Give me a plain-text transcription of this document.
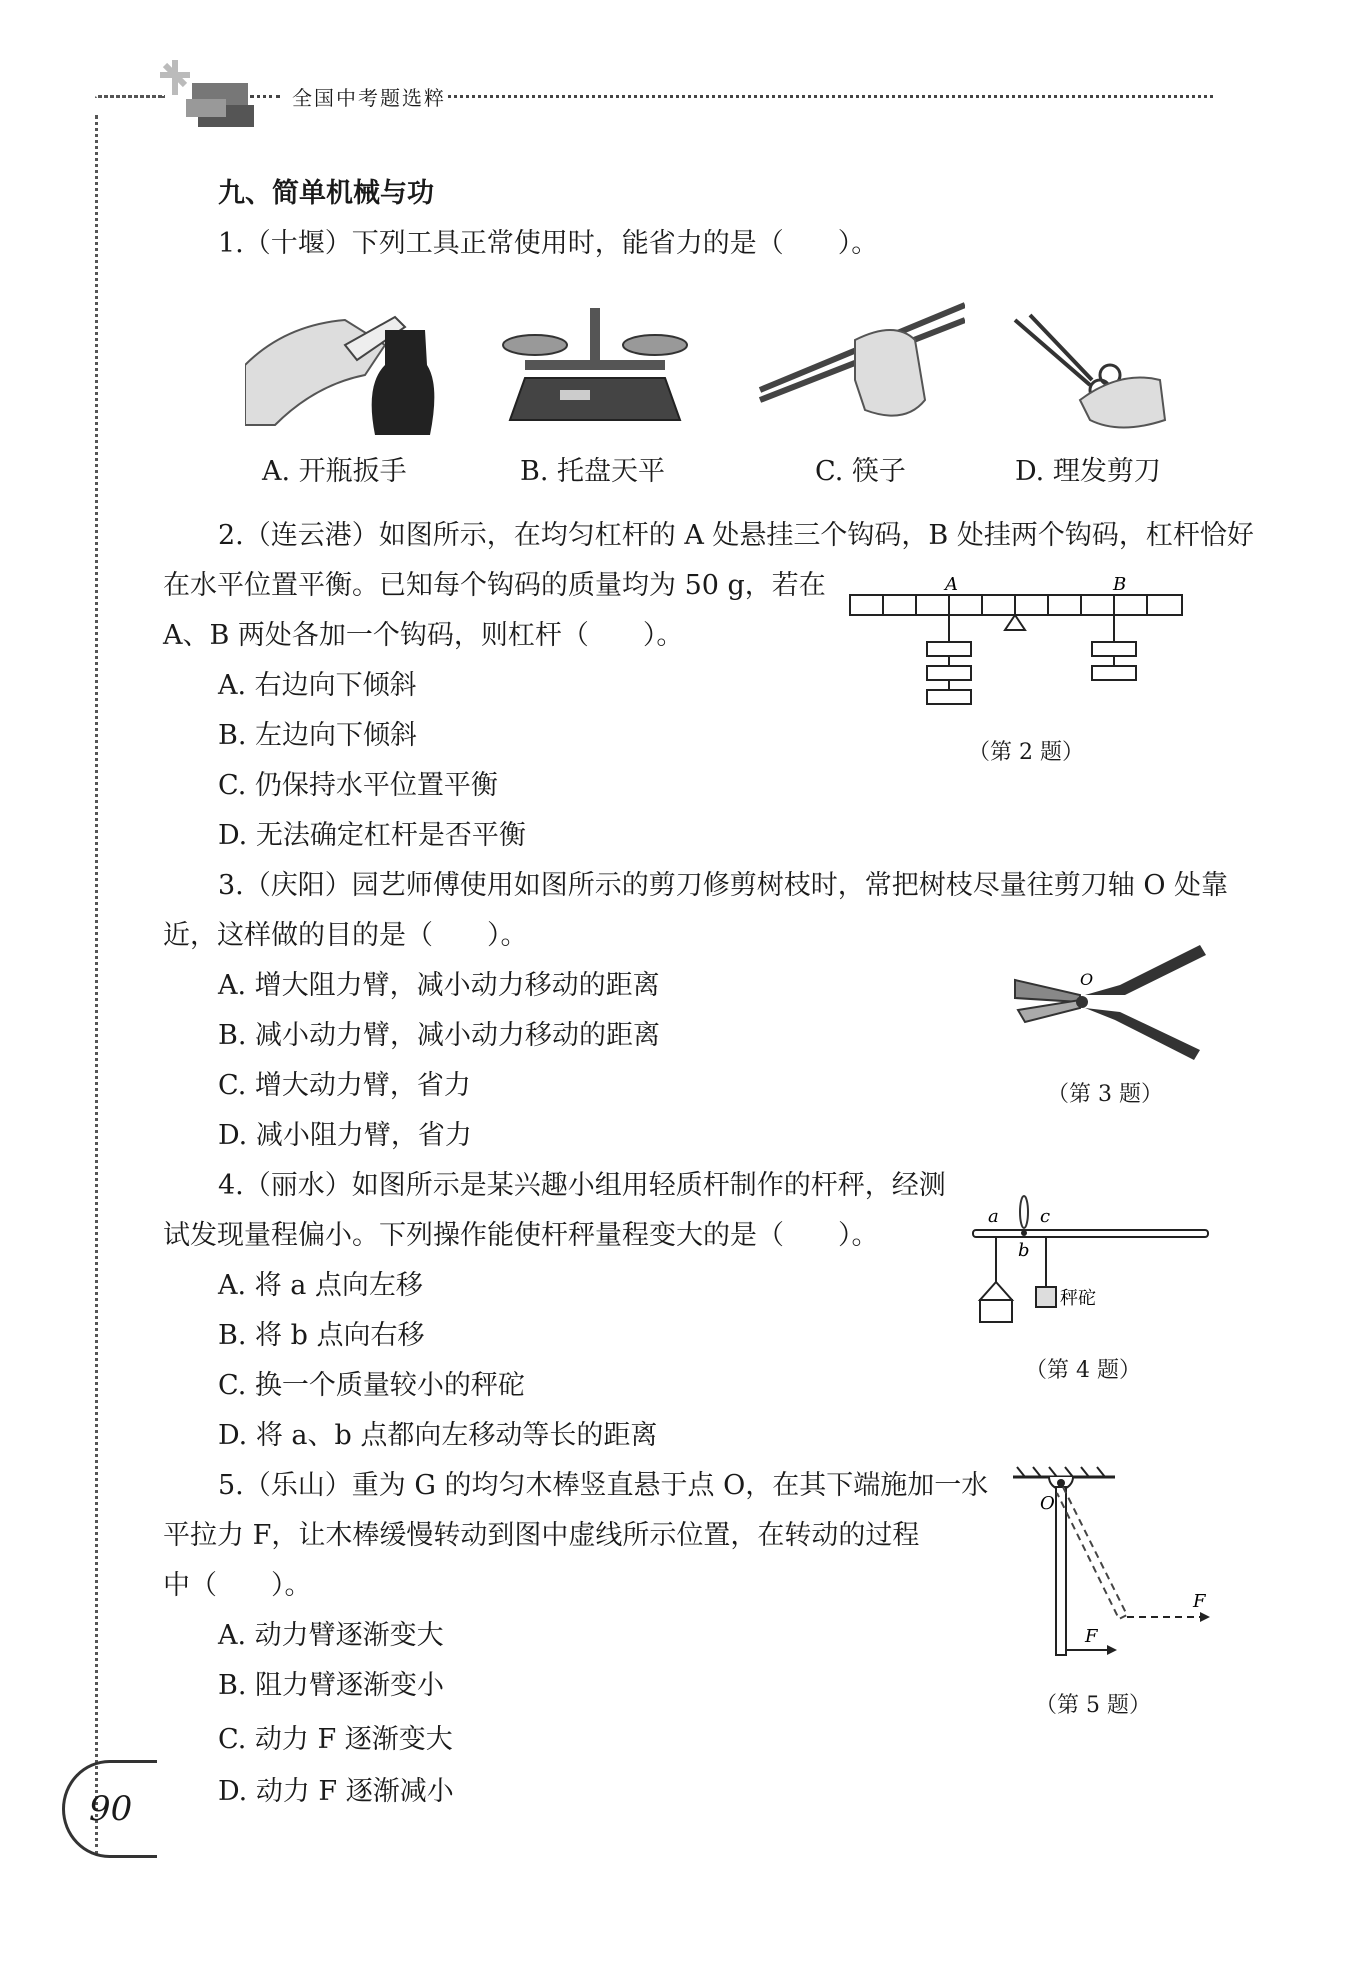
全国中考题选粹
九、简单机械与功
1.（十堰）下列工具正常使用时，能省力的是（　　）。
A. 开瓶扳手	B. 托盘天平	C. 筷子	D. 理发剪刀
2.（连云港）如图所示，在均匀杠杆的 A 处悬挂三个钩码，B 处挂两个钩码，杠杆恰好
在水平位置平衡。已知每个钩码的质量均为 50 g，若在
A、B 两处各加一个钩码，则杠杆（　　）。
A. 右边向下倾斜
B. 左边向下倾斜
C. 仍保持水平位置平衡
D. 无法确定杠杆是否平衡
A	B
（第 2 题）
3.（庆阳）园艺师傅使用如图所示的剪刀修剪树枝时，常把树枝尽量往剪刀轴 O 处靠
近，这样做的目的是（　　）。
A. 增大阻力臂，减小动力移动的距离
B. 减小动力臂，减小动力移动的距离
C. 增大动力臂，省力
D. 减小阻力臂，省力
O
（第 3 题）
4.（丽水）如图所示是某兴趣小组用轻质杆制作的杆秤，经测
试发现量程偏小。下列操作能使杆秤量程变大的是（　　）。
A. 将 a 点向左移
B. 将 b 点向右移
C. 换一个质量较小的秤砣
D. 将 a、b 点都向左移动等长的距离
a c
b
秤砣
（第 4 题）
5.（乐山）重为 G 的均匀木棒竖直悬于点 O，在其下端施加一水
平拉力 F，让木棒缓慢转动到图中虚线所示位置，在转动的过程
中（　　）。
A. 动力臂逐渐变大
B. 阻力臂逐渐变小
C. 动力 F 逐渐变大
D. 动力 F 逐渐减小
O
F
F
（第 5 题）
90
